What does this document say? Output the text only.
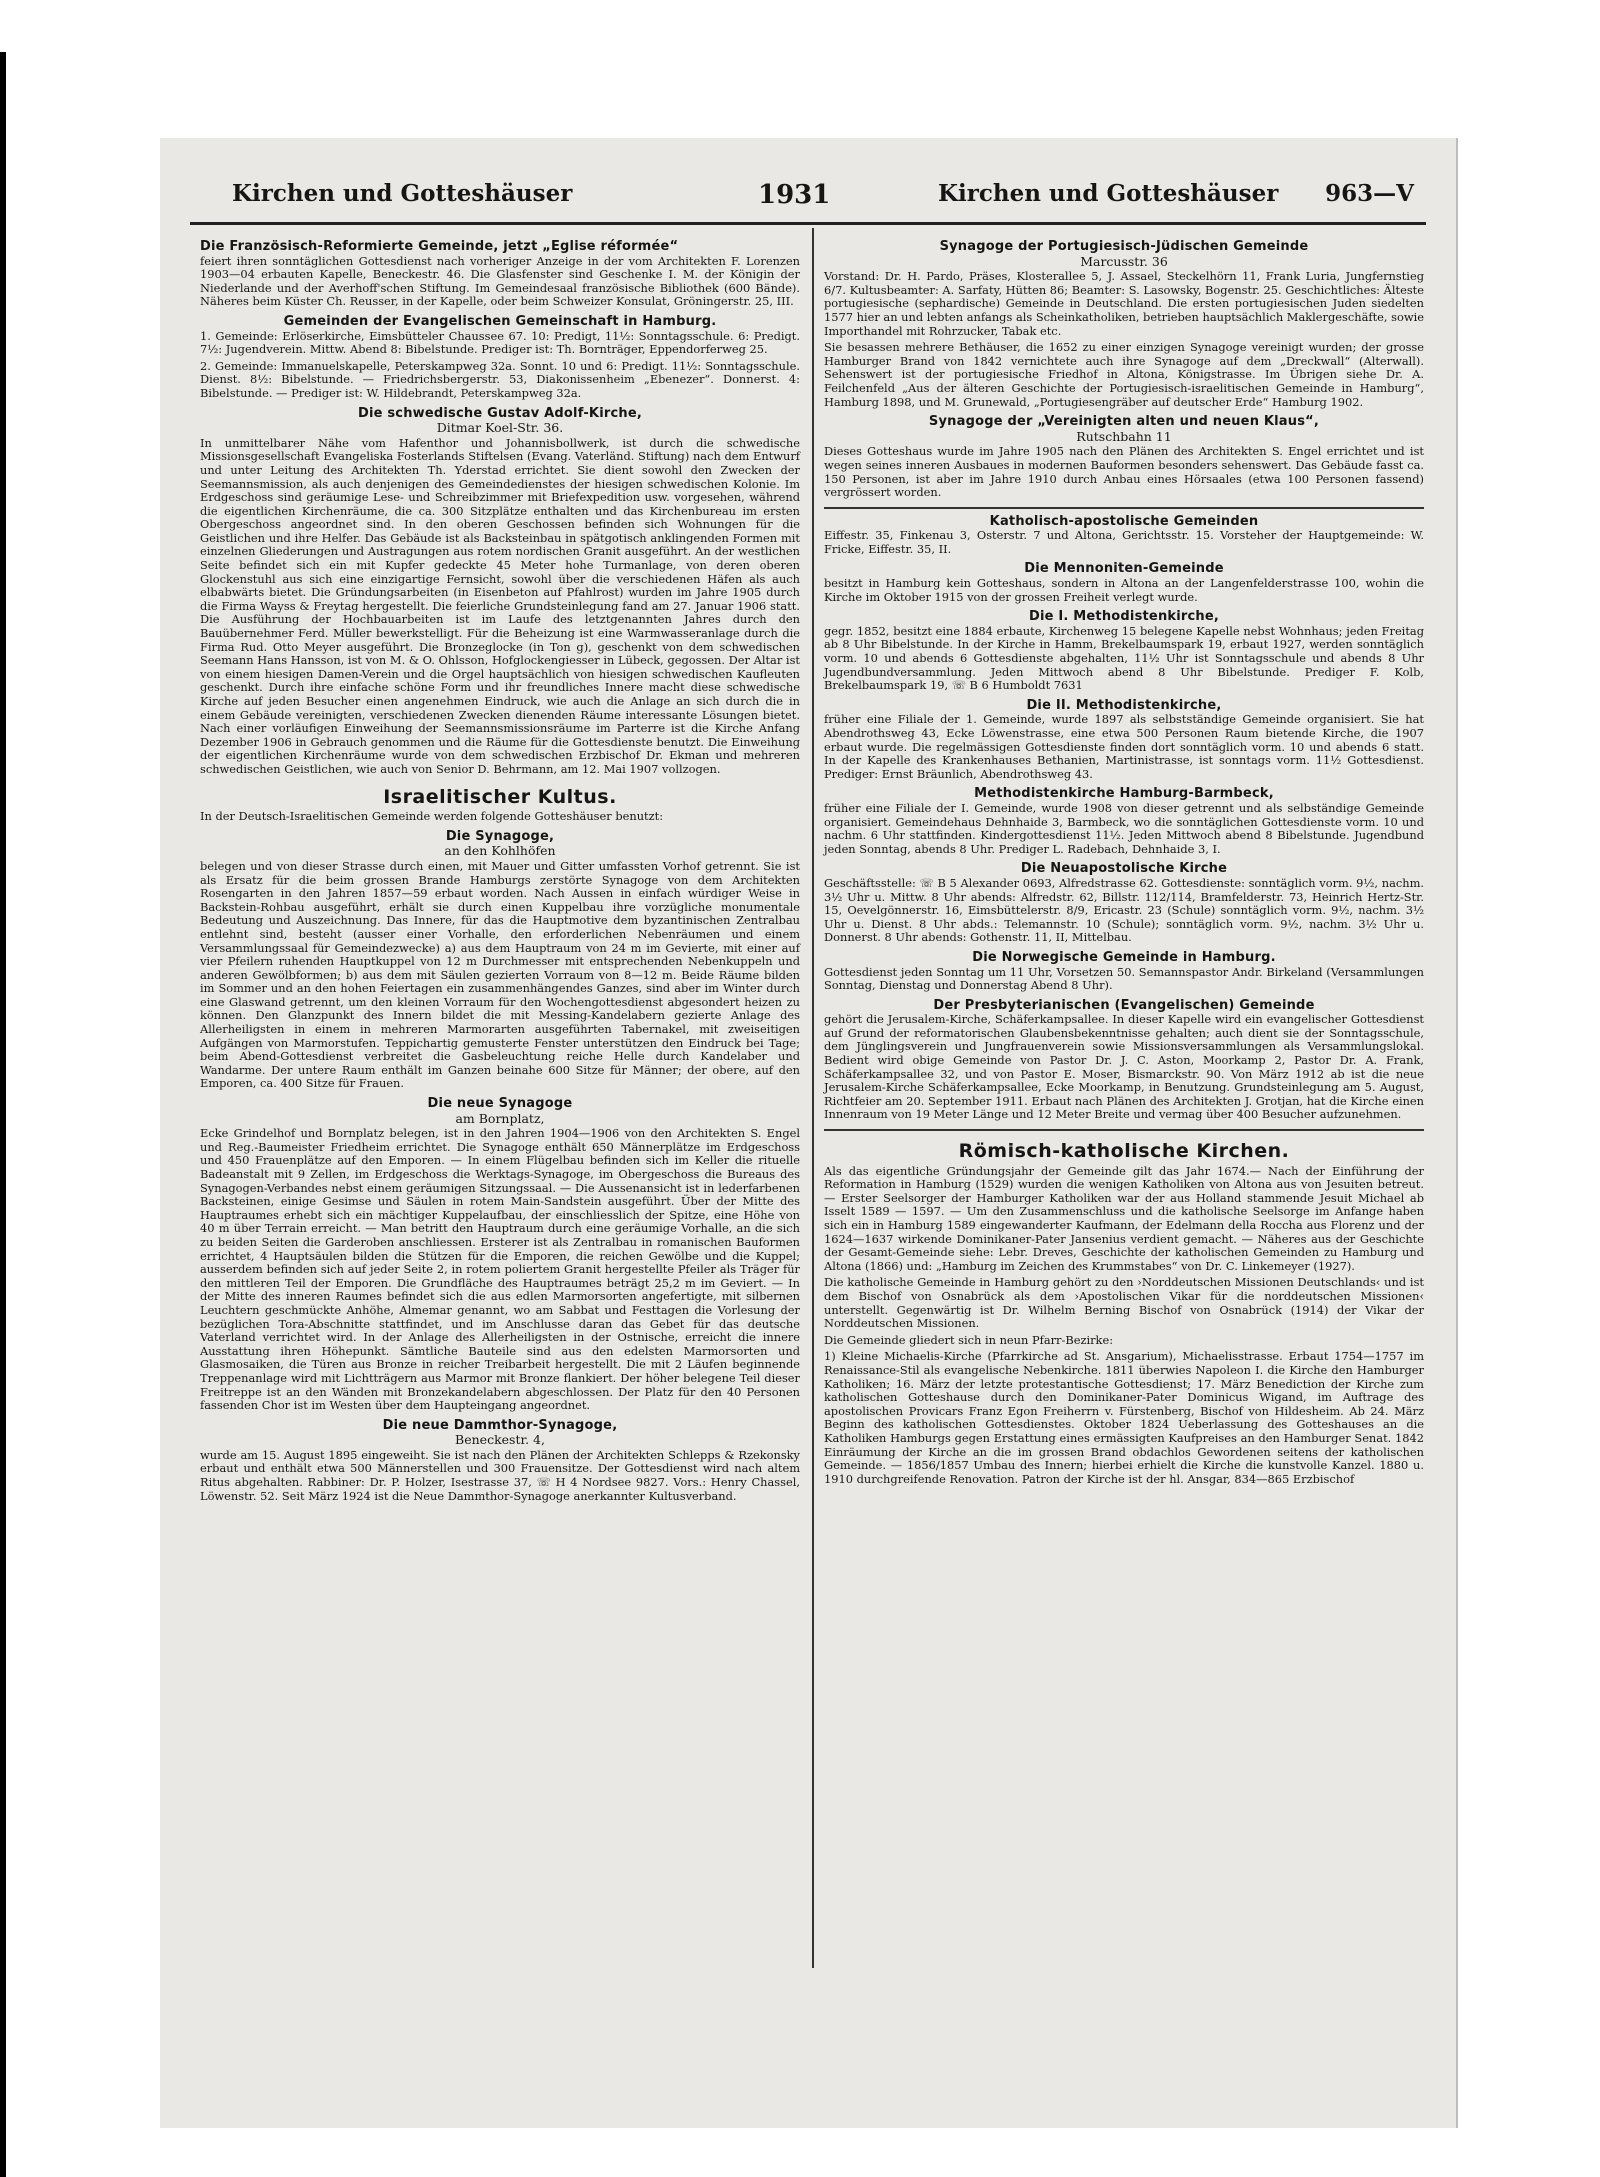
Kirchen und Gotteshäuser	1931	Kirchen und Gotteshäuser 963—V
Die Französisch-Reformierte Gemeinde, jetzt „Eglise réformée“

feiert ihren sonntäglichen Gottesdienst nach vorheriger Anzeige in der vom Architekten F. Lorenzen 1903—04 erbauten Kapelle, Beneckestr. 46. Die Glasfenster sind Geschenke I. M. der Königin der Niederlande und der Averhoff'schen Stiftung. Im Gemeindesaal französische Bibliothek (600 Bände). Näheres beim Küster Ch. Reusser, in der Kapelle, oder beim Schweizer Konsulat, Gröningerstr. 25, III.

Gemeinden der Evangelischen Gemeinschaft in Hamburg.

1. Gemeinde: Erlöserkirche, Eimsbütteler Chaussee 67. 10: Predigt, 11½: Sonntagsschule. 6: Predigt. 7½: Jugendverein. Mittw. Abend 8: Bibelstunde. Prediger ist: Th. Bornträger, Eppendorferweg 25.

2. Gemeinde: Immanuelskapelle, Peterskampweg 32a. Sonnt. 10 und 6: Predigt. 11½: Sonntagsschule. Dienst. 8½: Bibelstunde. — Friedrichsbergerstr. 53, Diakonissenheim „Ebenezer“. Donnerst. 4: Bibelstunde. — Prediger ist: W. Hildebrandt, Peterskampweg 32a.

Die schwedische Gustav Adolf-Kirche,
Ditmar Koel-Str. 36.

In unmittelbarer Nähe vom Hafenthor und Johannisbollwerk, ist durch die schwedische Missionsgesellschaft Evangeliska Fosterlands Stiftelsen (Evang. Vaterländ. Stiftung) nach dem Entwurf und unter Leitung des Architekten Th. Yderstad errichtet. Sie dient sowohl den Zwecken der Seemannsmission, als auch denjenigen des Gemeindedienstes der hiesigen schwedischen Kolonie. Im Erdgeschoss sind geräumige Lese- und Schreibzimmer mit Briefexpedition usw. vorgesehen, während die eigentlichen Kirchenräume, die ca. 300 Sitzplätze enthalten und das Kirchenbureau im ersten Obergeschoss angeordnet sind. In den oberen Geschossen befinden sich Wohnungen für die Geistlichen und ihre Helfer. Das Gebäude ist als Backsteinbau in spätgotisch anklingenden Formen mit einzelnen Gliederungen und Austragungen aus rotem nordischen Granit ausgeführt. An der westlichen Seite befindet sich ein mit Kupfer gedeckte 45 Meter hohe Turmanlage, von deren oberen Glockenstuhl aus sich eine einzigartige Fernsicht, sowohl über die verschiedenen Häfen als auch elbabwärts bietet. Die Gründungsarbeiten (in Eisenbeton auf Pfahlrost) wurden im Jahre 1905 durch die Firma Wayss & Freytag hergestellt. Die feierliche Grundsteinlegung fand am 27. Januar 1906 statt. Die Ausführung der Hochbauarbeiten ist im Laufe des letztgenannten Jahres durch den Bauübernehmer Ferd. Müller bewerkstelligt. Für die Beheizung ist eine Warmwasseranlage durch die Firma Rud. Otto Meyer ausgeführt. Die Bronzeglocke (in Ton g), geschenkt von dem schwedischen Seemann Hans Hansson, ist von M. & O. Ohlsson, Hofglockengiesser in Lübeck, gegossen. Der Altar ist von einem hiesigen Damen-Verein und die Orgel hauptsächlich von hiesigen schwedischen Kaufleuten geschenkt. Durch ihre einfache schöne Form und ihr freundliches Innere macht diese schwedische Kirche auf jeden Besucher einen angenehmen Eindruck, wie auch die Anlage an sich durch die in einem Gebäude vereinigten, verschiedenen Zwecken dienenden Räume interessante Lösungen bietet. Nach einer vorläufigen Einweihung der Seemannsmissionsräume im Parterre ist die Kirche Anfang Dezember 1906 in Gebrauch genommen und die Räume für die Gottesdienste benutzt. Die Einweihung der eigentlichen Kirchenräume wurde von dem schwedischen Erzbischof Dr. Ekman und mehreren schwedischen Geistlichen, wie auch von Senior D. Behrmann, am 12. Mai 1907 vollzogen.

Israelitischer Kultus.

In der Deutsch-Israelitischen Gemeinde werden folgende Gotteshäuser benutzt:

Die Synagoge,
an den Kohlhöfen

belegen und von dieser Strasse durch einen, mit Mauer und Gitter umfassten Vorhof getrennt. Sie ist als Ersatz für die beim grossen Brande Hamburgs zerstörte Synagoge von dem Architekten Rosengarten in den Jahren 1857—59 erbaut worden. Nach Aussen in einfach würdiger Weise in Backstein-Rohbau ausgeführt, erhält sie durch einen Kuppelbau ihre vorzügliche monumentale Bedeutung und Auszeichnung. Das Innere, für das die Hauptmotive dem byzantinischen Zentralbau entlehnt sind, besteht (ausser einer Vorhalle, den erforderlichen Nebenräumen und einem Versammlungssaal für Gemeindezwecke) a) aus dem Hauptraum von 24 m im Gevierte, mit einer auf vier Pfeilern ruhenden Hauptkuppel von 12 m Durchmesser mit entsprechenden Nebenkuppeln und anderen Gewölbformen; b) aus dem mit Säulen gezierten Vorraum von 8—12 m. Beide Räume bilden im Sommer und an den hohen Feiertagen ein zusammenhängendes Ganzes, sind aber im Winter durch eine Glaswand getrennt, um den kleinen Vorraum für den Wochengottesdienst abgesondert heizen zu können. Den Glanzpunkt des Innern bildet die mit Messing-Kandelabern gezierte Anlage des Allerheiligsten in einem in mehreren Marmorarten ausgeführten Tabernakel, mit zweiseitigen Aufgängen von Marmorstufen. Teppichartig gemusterte Fenster unterstützen den Eindruck bei Tage; beim Abend-Gottesdienst verbreitet die Gasbeleuchtung reiche Helle durch Kandelaber und Wandarme. Der untere Raum enthält im Ganzen beinahe 600 Sitze für Männer; der obere, auf den Emporen, ca. 400 Sitze für Frauen.

Die neue Synagoge
am Bornplatz,

Ecke Grindelhof und Bornplatz belegen, ist in den Jahren 1904—1906 von den Architekten S. Engel und Reg.-Baumeister Friedheim errichtet. Die Synagoge enthält 650 Männerplätze im Erdgeschoss und 450 Frauenplätze auf den Emporen. — In einem Flügelbau befinden sich im Keller die rituelle Badeanstalt mit 9 Zellen, im Erdgeschoss die Werktags-Synagoge, im Obergeschoss die Bureaus des Synagogen-Verbandes nebst einem geräumigen Sitzungssaal. — Die Aussenansicht ist in lederfarbenen Backsteinen, einige Gesimse und Säulen in rotem Main-Sandstein ausgeführt. Über der Mitte des Hauptraumes erhebt sich ein mächtiger Kuppelaufbau, der einschliesslich der Spitze, eine Höhe von 40 m über Terrain erreicht. — Man betritt den Hauptraum durch eine geräumige Vorhalle, an die sich zu beiden Seiten die Garderoben anschliessen. Ersterer ist als Zentralbau in romanischen Bauformen errichtet, 4 Hauptsäulen bilden die Stützen für die Emporen, die reichen Gewölbe und die Kuppel; ausserdem befinden sich auf jeder Seite 2, in rotem poliertem Granit hergestellte Pfeiler als Träger für den mittleren Teil der Emporen. Die Grundfläche des Hauptraumes beträgt 25,2 m im Geviert. — In der Mitte des inneren Raumes befindet sich die aus edlen Marmorsorten angefertigte, mit silbernen Leuchtern geschmückte Anhöhe, Almemar genannt, wo am Sabbat und Festtagen die Vorlesung der bezüglichen Tora-Abschnitte stattfindet, und im Anschlusse daran das Gebet für das deutsche Vaterland verrichtet wird. In der Anlage des Allerheiligsten in der Ostnische, erreicht die innere Ausstattung ihren Höhepunkt. Sämtliche Bauteile sind aus den edelsten Marmorsorten und Glasmosaiken, die Türen aus Bronze in reicher Treibarbeit hergestellt. Die mit 2 Läufen beginnende Treppenanlage wird mit Lichtträgern aus Marmor mit Bronze flankiert. Der höher belegene Teil dieser Freitreppe ist an den Wänden mit Bronzekandelabern abgeschlossen. Der Platz für den 40 Personen fassenden Chor ist im Westen über dem Haupteingang angeordnet.

Die neue Dammthor-Synagoge,
Beneckestr. 4,

wurde am 15. August 1895 eingeweiht. Sie ist nach den Plänen der Architekten Schlepps & Rzekonsky erbaut und enthält etwa 500 Männerstellen und 300 Frauensitze. Der Gottesdienst wird nach altem Ritus abgehalten. Rabbiner: Dr. P. Holzer, Isestrasse 37, ☏ H 4 Nordsee 9827. Vors.: Henry Chassel, Löwenstr. 52. Seit März 1924 ist die Neue Dammthor-Synagoge anerkannter Kultusverband.

Synagoge der Portugiesisch-Jüdischen Gemeinde
Marcusstr. 36

Vorstand: Dr. H. Pardo, Präses, Klosterallee 5, J. Assael, Steckelhörn 11, Frank Luria, Jungfernstieg 6/7. Kultusbeamter: A. Sarfaty, Hütten 86; Beamter: S. Lasowsky, Bogenstr. 25. Geschichtliches: Älteste portugiesische (sephardische) Gemeinde in Deutschland. Die ersten portugiesischen Juden siedelten 1577 hier an und lebten anfangs als Scheinkatholiken, betrieben hauptsächlich Maklergeschäfte, sowie Importhandel mit Rohrzucker, Tabak etc.

Sie besassen mehrere Bethäuser, die 1652 zu einer einzigen Synagoge vereinigt wurden; der grosse Hamburger Brand von 1842 vernichtete auch ihre Synagoge auf dem „Dreckwall“ (Alterwall). Sehenswert ist der portugiesische Friedhof in Altona, Königstrasse. Im Übrigen siehe Dr. A. Feilchenfeld „Aus der älteren Geschichte der Portugiesisch-israelitischen Gemeinde in Hamburg“, Hamburg 1898, und M. Grunewald, „Portugiesengräber auf deutscher Erde“ Hamburg 1902.

Synagoge der „Vereinigten alten und neuen Klaus“,
Rutschbahn 11

Dieses Gotteshaus wurde im Jahre 1905 nach den Plänen des Architekten S. Engel errichtet und ist wegen seines inneren Ausbaues in modernen Bauformen besonders sehenswert. Das Gebäude fasst ca. 150 Personen, ist aber im Jahre 1910 durch Anbau eines Hörsaales (etwa 100 Personen fassend) vergrössert worden.

Katholisch-apostolische Gemeinden

Eiffestr. 35, Finkenau 3, Osterstr. 7 und Altona, Gerichtsstr. 15. Vorsteher der Hauptgemeinde: W. Fricke, Eiffestr. 35, II.

Die Mennoniten-Gemeinde

besitzt in Hamburg kein Gotteshaus, sondern in Altona an der Langenfelderstrasse 100, wohin die Kirche im Oktober 1915 von der grossen Freiheit verlegt wurde.

Die I. Methodistenkirche,

gegr. 1852, besitzt eine 1884 erbaute, Kirchenweg 15 belegene Kapelle nebst Wohnhaus; jeden Freitag ab 8 Uhr Bibelstunde. In der Kirche in Hamm, Brekelbaumspark 19, erbaut 1927, werden sonntäglich vorm. 10 und abends 6 Gottesdienste abgehalten, 11½ Uhr ist Sonntagsschule und abends 8 Uhr Jugendbundversammlung. Jeden Mittwoch abend 8 Uhr Bibelstunde. Prediger F. Kolb, Brekelbaumspark 19, ☏ B 6 Humboldt 7631

Die II. Methodistenkirche,

früher eine Filiale der 1. Gemeinde, wurde 1897 als selbstständige Gemeinde organisiert. Sie hat Abendrothsweg 43, Ecke Löwenstrasse, eine etwa 500 Personen Raum bietende Kirche, die 1907 erbaut wurde. Die regelmässigen Gottesdienste finden dort sonntäglich vorm. 10 und abends 6 statt. In der Kapelle des Krankenhauses Bethanien, Martinistrasse, ist sonntags vorm. 11½ Gottesdienst. Prediger: Ernst Bräunlich, Abendrothsweg 43.

Methodistenkirche Hamburg-Barmbeck,

früher eine Filiale der I. Gemeinde, wurde 1908 von dieser getrennt und als selbständige Gemeinde organisiert. Gemeindehaus Dehnhaide 3, Barmbeck, wo die sonntäglichen Gottesdienste vorm. 10 und nachm. 6 Uhr stattfinden. Kindergottesdienst 11½. Jeden Mittwoch abend 8 Bibelstunde. Jugendbund jeden Sonntag, abends 8 Uhr. Prediger L. Radebach, Dehnhaide 3, I.

Die Neuapostolische Kirche

Geschäftsstelle: ☏ B 5 Alexander 0693, Alfredstrasse 62. Gottesdienste: sonntäglich vorm. 9½, nachm. 3½ Uhr u. Mittw. 8 Uhr abends: Alfredstr. 62, Billstr. 112/114, Bramfelderstr. 73, Heinrich Hertz-Str. 15, Oevelgönnerstr. 16, Eimsbüttelerstr. 8/9, Ericastr. 23 (Schule) sonntäglich vorm. 9½, nachm. 3½ Uhr u. Dienst. 8 Uhr abds.: Telemannstr. 10 (Schule); sonntäglich vorm. 9½, nachm. 3½ Uhr u. Donnerst. 8 Uhr abends: Gothenstr. 11, II, Mittelbau.

Die Norwegische Gemeinde in Hamburg.

Gottesdienst jeden Sonntag um 11 Uhr, Vorsetzen 50. Semannspastor Andr. Birkeland (Versammlungen Sonntag, Dienstag und Donnerstag Abend 8 Uhr).

Der Presbyterianischen (Evangelischen) Gemeinde

gehört die Jerusalem-Kirche, Schäferkampsallee. In dieser Kapelle wird ein evangelischer Gottesdienst auf Grund der reformatorischen Glaubensbekenntnisse gehalten; auch dient sie der Sonntagsschule, dem Jünglingsverein und Jungfrauenverein sowie Missionsversammlungen als Versammlungslokal. Bedient wird obige Gemeinde von Pastor Dr. J. C. Aston, Moorkamp 2, Pastor Dr. A. Frank, Schäferkampsallee 32, und von Pastor E. Moser, Bismarckstr. 90. Von März 1912 ab ist die neue Jerusalem-Kirche Schäferkampsallee, Ecke Moorkamp, in Benutzung. Grundsteinlegung am 5. August, Richtfeier am 20. September 1911. Erbaut nach Plänen des Architekten J. Grotjan, hat die Kirche einen Innenraum von 19 Meter Länge und 12 Meter Breite und vermag über 400 Besucher aufzunehmen.

Römisch-katholische Kirchen.

Als das eigentliche Gründungsjahr der Gemeinde gilt das Jahr 1674.— Nach der Einführung der Reformation in Hamburg (1529) wurden die wenigen Katholiken von Altona aus von Jesuiten betreut. — Erster Seelsorger der Hamburger Katholiken war der aus Holland stammende Jesuit Michael ab Isselt 1589 — 1597. — Um den Zusammenschluss und die katholische Seelsorge im Anfange haben sich ein in Hamburg 1589 eingewanderter Kaufmann, der Edelmann della Roccha aus Florenz und der 1624—1637 wirkende Dominikaner-Pater Jansenius verdient gemacht. — Näheres aus der Geschichte der Gesamt-Gemeinde siehe: Lebr. Dreves, Geschichte der katholischen Gemeinden zu Hamburg und Altona (1866) und: „Hamburg im Zeichen des Krummstabes“ von Dr. C. Linkemeyer (1927).

Die katholische Gemeinde in Hamburg gehört zu den ›Norddeutschen Missionen Deutschlands‹ und ist dem Bischof von Osnabrück als dem ›Apostolischen Vikar für die norddeutschen Missionen‹ unterstellt. Gegenwärtig ist Dr. Wilhelm Berning Bischof von Osnabrück (1914) der Vikar der Norddeutschen Missionen.

Die Gemeinde gliedert sich in neun Pfarr-Bezirke:

1) Kleine Michaelis-Kirche (Pfarrkirche ad St. Ansgarium), Michaelisstrasse. Erbaut 1754—1757 im Renaissance-Stil als evangelische Nebenkirche. 1811 überwies Napoleon I. die Kirche den Hamburger Katholiken; 16. März der letzte protestantische Gottesdienst; 17. März Benediction der Kirche zum katholischen Gotteshause durch den Dominikaner-Pater Dominicus Wigand, im Auftrage des apostolischen Provicars Franz Egon Freiherrn v. Fürstenberg, Bischof von Hildesheim. Ab 24. März Beginn des katholischen Gottesdienstes. Oktober 1824 Ueberlassung des Gotteshauses an die Katholiken Hamburgs gegen Erstattung eines ermässigten Kaufpreises an den Hamburger Senat. 1842 Einräumung der Kirche an die im grossen Brand obdachlos Gewordenen seitens der katholischen Gemeinde. — 1856/1857 Umbau des Innern; hierbei erhielt die Kirche die kunstvolle Kanzel. 1880 u. 1910 durchgreifende Renovation. Patron der Kirche ist der hl. Ansgar, 834—865 Erzbischof
